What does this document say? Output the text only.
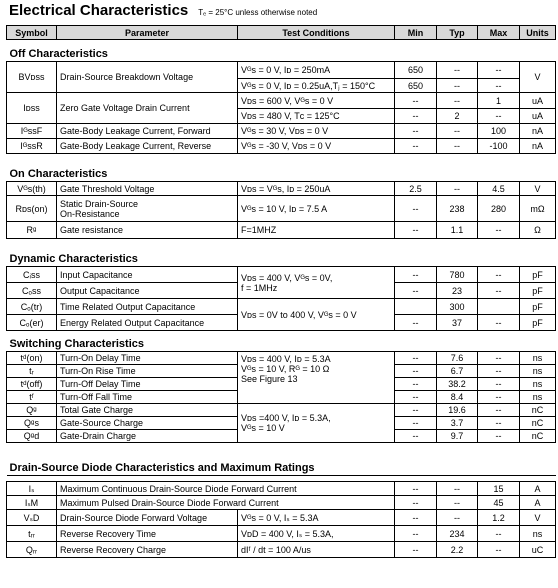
Electrical Characteristics Tₑ = 25°C unless otherwise noted
Symbol	Parameter	Test Conditions	Min	Typ	Max	Units
Off Characteristics						
BVᴅss	Drain-Source Breakdown Voltage	Vᴳs = 0 V, Iᴅ = 250mA	650	--	--	V
		Vᴳs = 0 V, Iᴅ = 0.25uA,Tⱼ = 150°C	650	--	--	
Iᴅss	Zero Gate Voltage Drain Current	Vᴅs = 600 V, Vᴳs = 0 V	--	--	1	uA
		Vᴅs = 480 V, Tᴄ = 125°C	--	2	--	uA
IᴳssF	Gate-Body Leakage Current, Forward	Vᴳs = 30 V, Vᴅs = 0 V	--	--	100	nA
IᴳssR	Gate-Body Leakage Current, Reverse	Vᴳs = -30 V, Vᴅs = 0 V	--	--	-100	nA
On Characteristics						
Vᴳs(th)	Gate Threshold Voltage	Vᴅs = Vᴳs, Iᴅ = 250uA	2.5	--	4.5	V
Rᴅs(on)	Static Drain-Source
On-Resistance	Vᴳs = 10 V, Iᴅ = 7.5 A	--	238	280	mΩ
Rᵍ	Gate resistance	F=1MHZ	--	1.1	--	Ω
Dynamic Characteristics						
Cᵢss	Input Capacitance	Vᴅs = 400 V, Vᴳs = 0V,
f = 1MHz	--	780	--	pF
Cₒss	Output Capacitance		--	23	--	pF
Cₒ(tr)	Time Related Output Capacitance	Vᴅs = 0V to 400 V, Vᴳs = 0 V		300		pF
Cₒ(er)	Energy Related Output Capacitance		--	37	--	pF
Switching Characteristics						
tᵈ(on)	Turn-On Delay Time	Vᴅs = 400 V, Iᴅ = 5.3A
Vᴳs = 10 V, Rᴳ = 10 Ω
See Figure 13	--	7.6	--	ns
tᵣ	Turn-On Rise Time		--	6.7	--	ns
tᵈ(off)	Turn-Off Delay Time		--	38.2	--	ns
tᶠ	Turn-Off Fall Time		--	8.4	--	ns
Qᵍ	Total Gate Charge	Vᴅs =400 V, Iᴅ = 5.3A,
Vᴳs = 10 V	--	19.6	--	nC
Qᵍs	Gate-Source Charge		--	3.7	--	nC
Qᵍd	Gate-Drain Charge		--	9.7	--	nC
Drain-Source Diode Characteristics and Maximum Ratings						

Iₛ	Maximum Continuous Drain-Source Diode Forward Current		--	--	15	A
IₛM	Maximum Pulsed Drain-Source Diode Forward Current		--	--	45	A
VₛD	Drain-Source Diode Forward Voltage	Vᴳs = 0 V, Iₛ = 5.3A	--	--	1.2	V
tᵣᵣ	Reverse Recovery Time	VᴅD = 400 V, Iₛ = 5.3A,	--	234	--	ns
Qᵣᵣ	Reverse Recovery Charge	dIᶠ / dt = 100 A/us	--	2.2	--	uC
